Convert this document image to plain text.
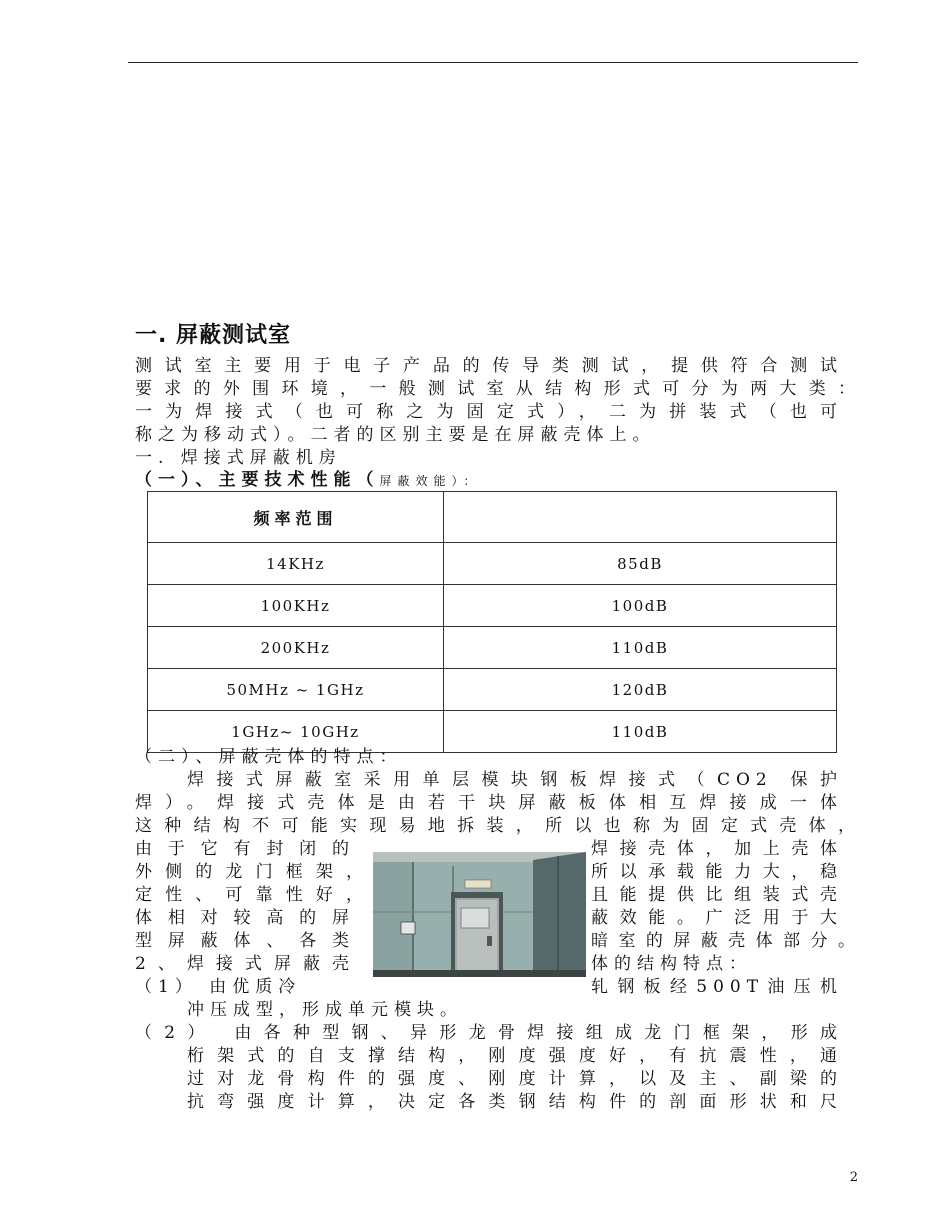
一. 屏蔽测试室
测试室主要用于电子产品的传导类测试，提供符合测试
要求的外围环境，一般测试室从结构形式可分为两大类：
一为焊接式（也可称之为固定式），二为拼装式（也可
称之为移动式）。二者的区别主要是在屏蔽壳体上。
一. 焊接式屏蔽机房
（一）、主要技术性能（屏蔽效能）：
频率范围	
14KHz	85dB
100KHz	100dB
200KHz	110dB
50MHz ~ 1GHz	120dB
1GHz~ 10GHz	110dB
（二）、屏蔽壳体的特点：
焊接式屏蔽室采用单层模块钢板焊接式（CO2 保护
焊）。焊接式壳体是由若干块屏蔽板体相互焊接成一体
这种结构不可能实现易地拆装，所以也称为固定式壳体，
由于它有封闭的
外侧的龙门框架，
定性、可靠性好，
体相对较高的屏
型屏蔽体、各类
2、焊接式屏蔽壳
（1） 由优质冷
焊接壳体，加上壳体
所以承载能力大，稳
且能提供比组装式壳
蔽效能。广泛用于大
暗室的屏蔽壳体部分。
体的结构特点：
轧钢板经500T油压机
冲压成型，形成单元模块。
（2） 由各种型钢、异形龙骨焊接组成龙门框架，形成
桁架式的自支撑结构，刚度强度好，有抗震性，通
过对龙骨构件的强度、刚度计算，以及主、副梁的
抗弯强度计算，决定各类钢结构件的剖面形状和尺
2
